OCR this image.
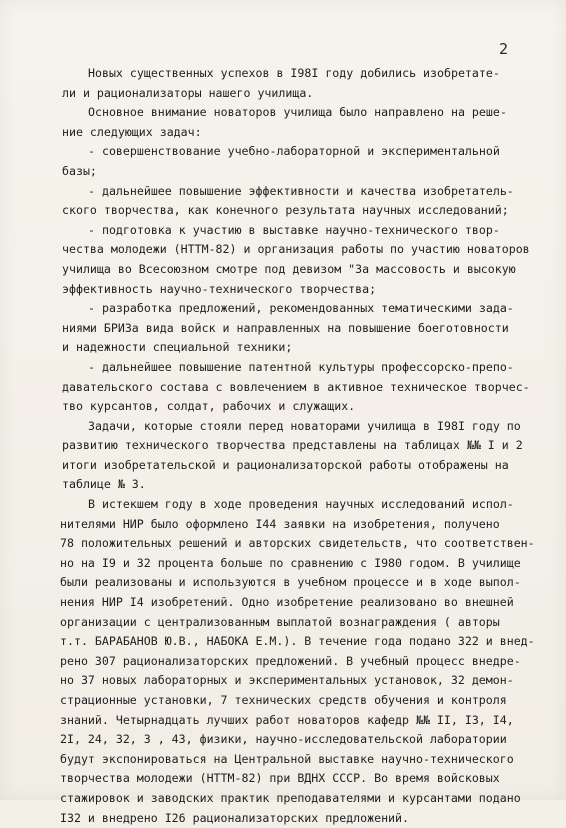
2
Новых существенных успехов в I98I году добились изобретате-
ли и рационализаторы нашего училища.
Основное внимание новаторов училища было направлено на реше-
ние следующих задач:
- совершенствование учебно-лабораторной и экспериментальной
базы;
- дальнейшее повышение эффективности и качества изобретатель-
ского творчества, как конечного результата научных исследований;
- подготовка к участию в выставке научно-технического твор-
чества молодежи (НТТМ-82) и организация работы по участию новаторов
училища во Всесоюзном смотре под девизом "За массовость и высокую
эффективность научно-технического творчества;
- разработка предложений, рекомендованных тематическими зада-
ниями БРИЗа вида войск и направленных на повышение боеготовности
и надежности специальной техники;
- дальнейшее повышение патентной культуры профессорско-препо-
давательского состава с вовлечением в активное техническое творчес-
тво курсантов, солдат, рабочих и служащих.
Задачи, которые стояли перед новаторами училища в I98I году по
развитию технического творчества представлены на таблицах №№ I и 2
итоги изобретательской и рационализаторской работы отображены на
таблице № 3.
В истекшем году в ходе проведения научных исследований испол-
нителями НИР было оформлено I44 заявки на изобретения, получено
78 положительных решений и авторских свидетельств, что соответствен-
но на I9 и 32 процента больше по сравнению с I980 годом. В училище
были реализованы и используются в учебном процессе и в ходе выпол-
нения НИР I4 изобретений. Одно изобретение реализовано во внешней
организации с централизованным выплатой вознаграждения ( авторы
т.т. БАРАБАНОВ Ю.В., НАБОКА Е.М.). В течение года подано 322 и внед-
рено 307 рационализаторских предложений. В учебный процесс внедре-
но 37 новых лабораторных и экспериментальных установок, 32 демон-
страционные установки, 7 технических средств обучения и контроля
знаний. Четырнадцать лучших работ новаторов кафедр №№ II, I3, I4,
2I, 24, 32, 3 , 43, физики, научно-исследовательской лаборатории
будут экспонироваться на Центральной выставке научно-технического
творчества молодежи (НТТМ-82) при ВДНХ СССР. Во время войсковых
стажировок и заводских практик преподавателями и курсантами подано
I32 и внедрено I26 рационализаторских предложений.
